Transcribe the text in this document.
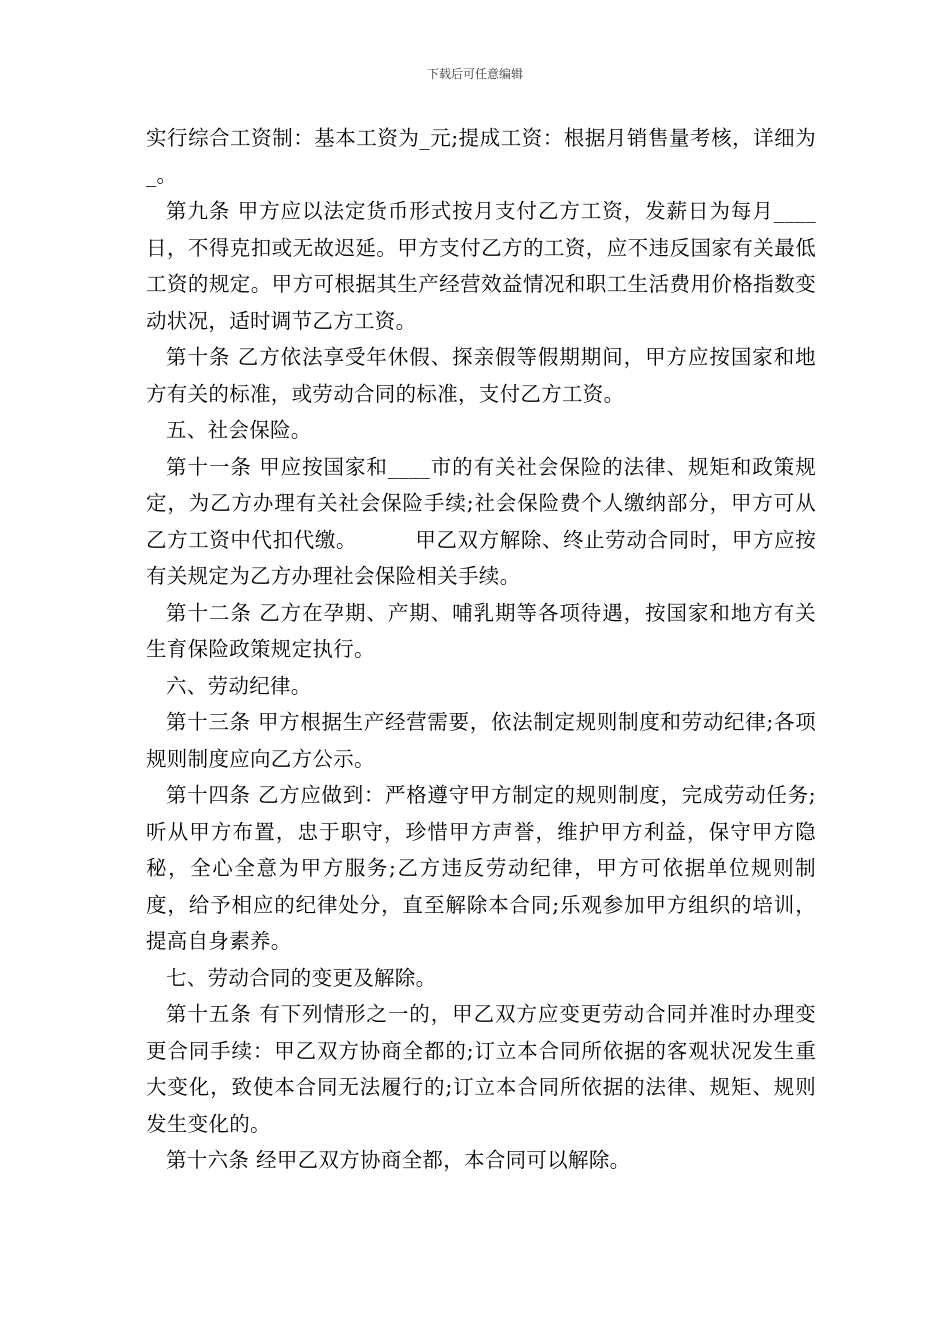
下载后可任意编辑

实行综合工资制：基本工资为_元;提成工资：根据月销售量考核，详细为_。

第九条 甲方应以法定货币形式按月支付乙方工资，发薪日为每月____日，不得克扣或无故迟延。甲方支付乙方的工资，应不违反国家有关最低工资的规定。甲方可根据其生产经营效益情况和职工生活费用价格指数变动状况，适时调节乙方工资。

第十条 乙方依法享受年休假、探亲假等假期期间，甲方应按国家和地方有关的标准，或劳动合同的标准，支付乙方工资。

五、社会保险。

第十一条 甲应按国家和____市的有关社会保险的法律、规矩和政策规定，为乙方办理有关社会保险手续;社会保险费个人缴纳部分，甲方可从乙方工资中代扣代缴。	甲乙双方解除、终止劳动合同时，甲方应按有关规定为乙方办理社会保险相关手续。

第十二条 乙方在孕期、产期、哺乳期等各项待遇，按国家和地方有关生育保险政策规定执行。

六、劳动纪律。

第十三条 甲方根据生产经营需要，依法制定规则制度和劳动纪律;各项规则制度应向乙方公示。

第十四条 乙方应做到：严格遵守甲方制定的规则制度，完成劳动任务;听从甲方布置，忠于职守，珍惜甲方声誉，维护甲方利益，保守甲方隐秘，全心全意为甲方服务;乙方违反劳动纪律，甲方可依据单位规则制度，给予相应的纪律处分，直至解除本合同;乐观参加甲方组织的培训，提高自身素养。

七、劳动合同的变更及解除。

第十五条 有下列情形之一的，甲乙双方应变更劳动合同并准时办理变更合同手续：甲乙双方协商全都的;订立本合同所依据的客观状况发生重大变化，致使本合同无法履行的;订立本合同所依据的法律、规矩、规则发生变化的。

第十六条 经甲乙双方协商全都，本合同可以解除。
